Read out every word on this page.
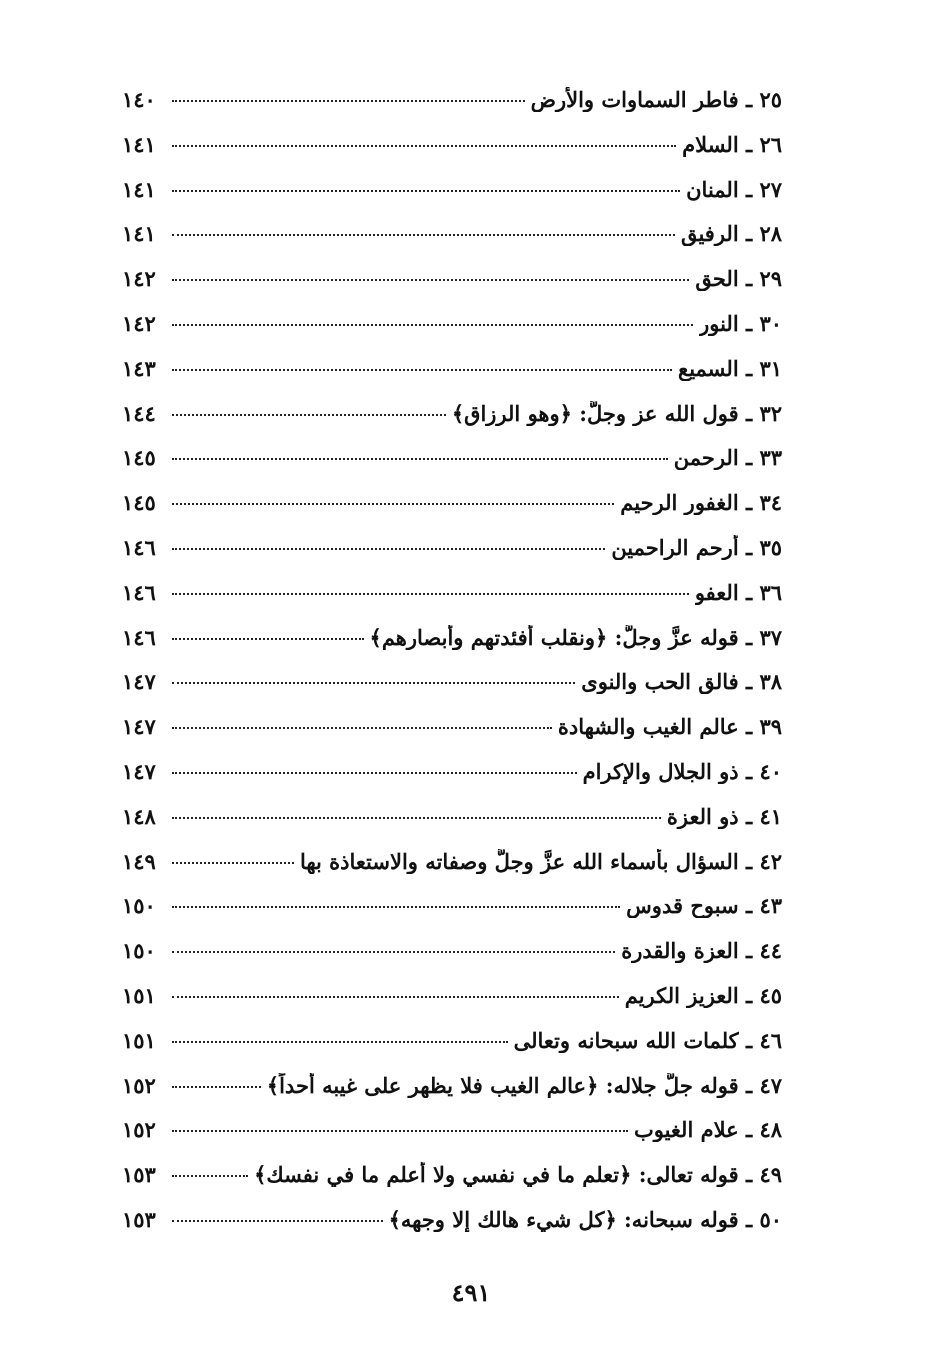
٢٥ ـ فاطر السماوات والأرض
١٤٠
٢٦ ـ السلام
١٤١
٢٧ ـ المنان
١٤١
٢٨ ـ الرفيق
١٤١
٢٩ ـ الحق
١٤٢
٣٠ ـ النور
١٤٢
٣١ ـ السميع
١٤٣
٣٢ ـ قول الله عز وجلَّ: ﴿وهو الرزاق﴾
١٤٤
٣٣ ـ الرحمن
١٤٥
٣٤ ـ الغفور الرحيم
١٤٥
٣٥ ـ أرحم الراحمين
١٤٦
٣٦ ـ العفو
١٤٦
٣٧ ـ قوله عزَّ وجلَّ: ﴿ونقلب أفئدتهم وأبصارهم﴾
١٤٦
٣٨ ـ فالق الحب والنوى
١٤٧
٣٩ ـ عالم الغيب والشهادة
١٤٧
٤٠ ـ ذو الجلال والإكرام
١٤٧
٤١ ـ ذو العزة
١٤٨
٤٢ ـ السؤال بأسماء الله عزَّ وجلَّ وصفاته والاستعاذة بها
١٤٩
٤٣ ـ سبوح قدوس
١٥٠
٤٤ ـ العزة والقدرة
١٥٠
٤٥ ـ العزيز الكريم
١٥١
٤٦ ـ كلمات الله سبحانه وتعالى
١٥١
٤٧ ـ قوله جلَّ جلاله: ﴿عالم الغيب فلا يظهر على غيبه أحداً﴾
١٥٢
٤٨ ـ علام الغيوب
١٥٢
٤٩ ـ قوله تعالى: ﴿تعلم ما في نفسي ولا أعلم ما في نفسك﴾
١٥٣
٥٠ ـ قوله سبحانه: ﴿كل شيء هالك إلا وجهه﴾
١٥٣
٤٩١
